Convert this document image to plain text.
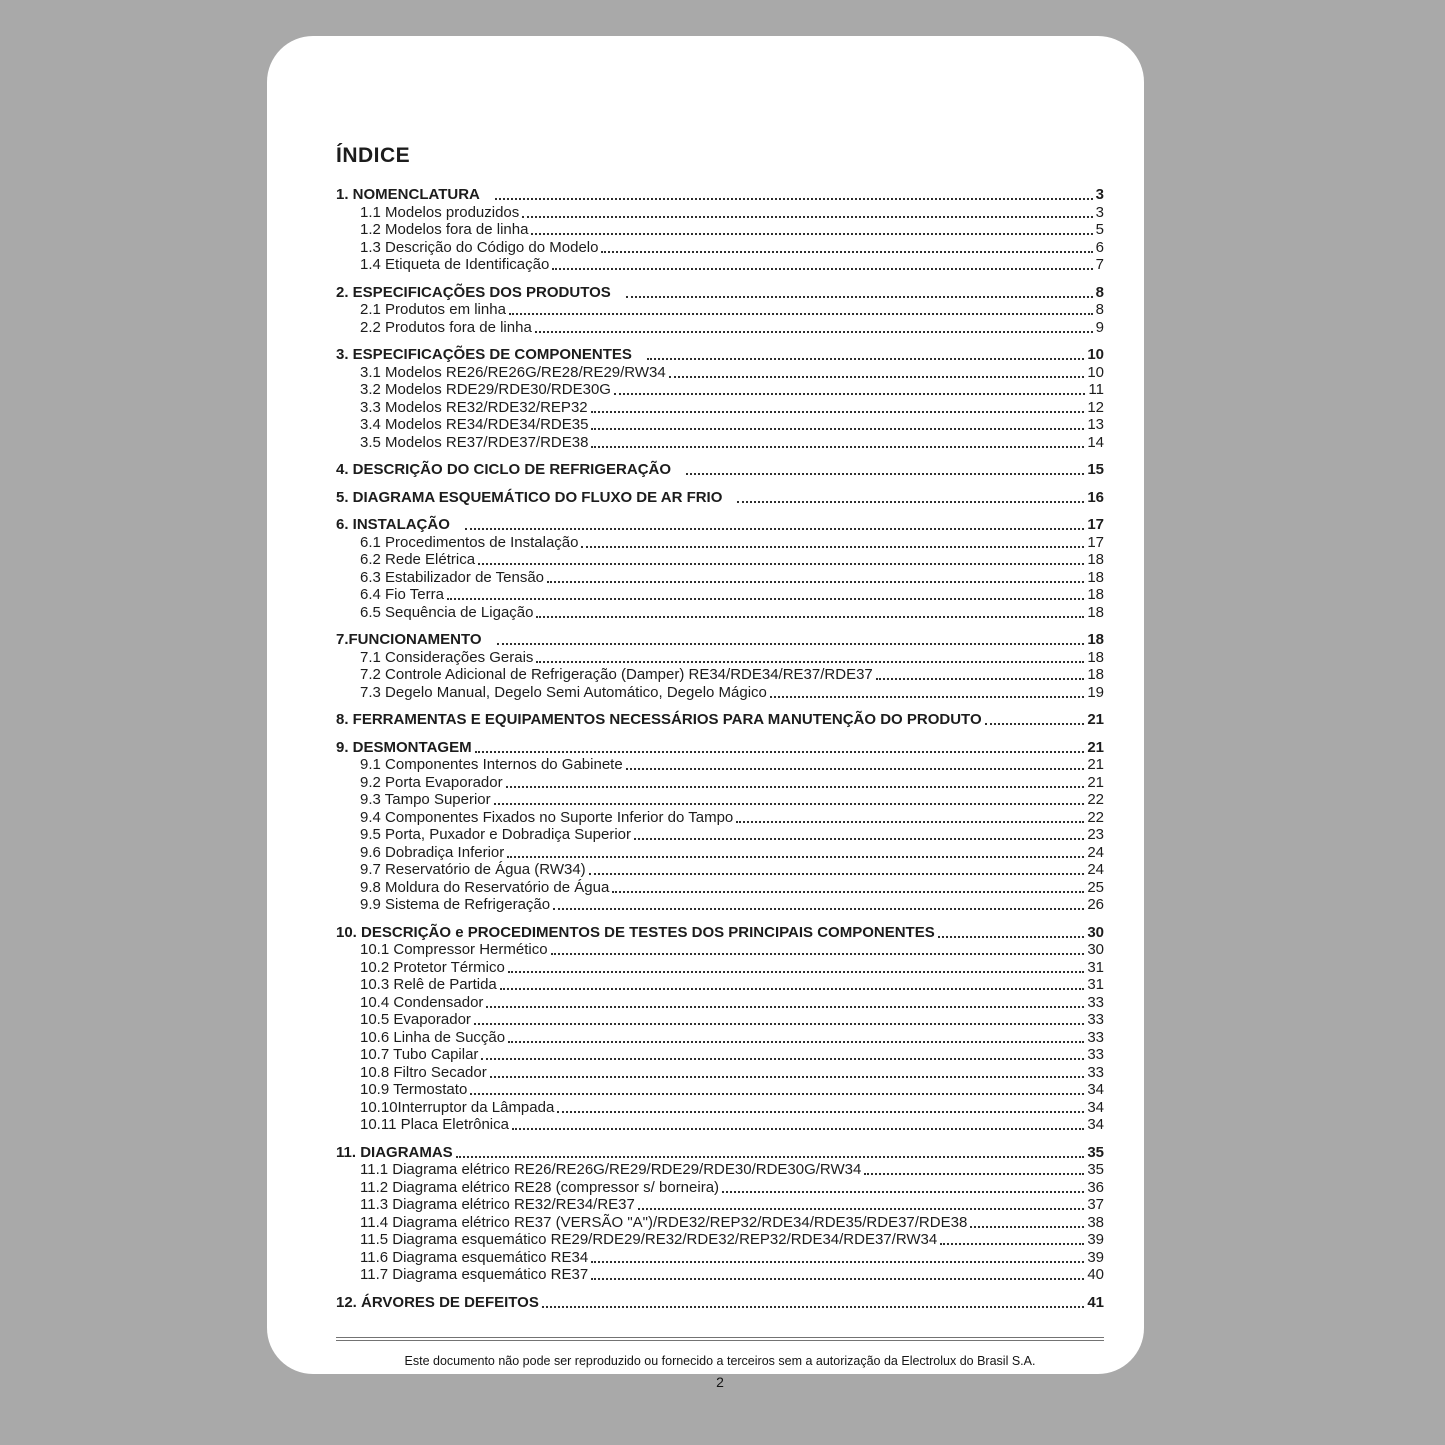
ÍNDICE
1. NOMENCLATURA	3
1.1 Modelos produzidos	3
1.2 Modelos fora de linha	5
1.3 Descrição do Código do Modelo	6
1.4 Etiqueta de Identificação	7
2. ESPECIFICAÇÕES DOS PRODUTOS	8
2.1 Produtos em linha	8
2.2 Produtos fora de linha	9
3. ESPECIFICAÇÕES DE COMPONENTES	10
3.1 Modelos RE26/RE26G/RE28/RE29/RW34	10
3.2 Modelos RDE29/RDE30/RDE30G	11
3.3 Modelos RE32/RDE32/REP32	12
3.4 Modelos RE34/RDE34/RDE35	13
3.5 Modelos RE37/RDE37/RDE38	14
4. DESCRIÇÃO DO CICLO DE REFRIGERAÇÃO	15
5. DIAGRAMA ESQUEMÁTICO DO FLUXO DE AR FRIO	16
6. INSTALAÇÃO	17
6.1 Procedimentos de Instalação	17
6.2 Rede Elétrica	18
6.3 Estabilizador de Tensão	18
6.4 Fio Terra	18
6.5 Sequência de Ligação	18
7.FUNCIONAMENTO	18
7.1 Considerações Gerais	18
7.2 Controle Adicional de Refrigeração (Damper) RE34/RDE34/RE37/RDE37	18
7.3 Degelo Manual, Degelo Semi Automático, Degelo Mágico	19
8. FERRAMENTAS E EQUIPAMENTOS NECESSÁRIOS PARA MANUTENÇÃO DO PRODUTO	21
9. DESMONTAGEM	21
9.1 Componentes Internos do Gabinete	21
9.2 Porta Evaporador	21
9.3 Tampo Superior	22
9.4 Componentes Fixados no Suporte Inferior do Tampo	22
9.5 Porta, Puxador e Dobradiça Superior	23
9.6 Dobradiça Inferior	24
9.7 Reservatório de Água (RW34)	24
9.8 Moldura do Reservatório de Água	25
9.9 Sistema de Refrigeração	26
10. DESCRIÇÃO e PROCEDIMENTOS DE TESTES DOS PRINCIPAIS COMPONENTES	30
10.1 Compressor Hermético	30
10.2 Protetor Térmico	31
10.3 Relê de Partida	31
10.4 Condensador	33
10.5 Evaporador	33
10.6 Linha de Sucção	33
10.7 Tubo Capilar	33
10.8 Filtro Secador	33
10.9 Termostato	34
10.10Interruptor da Lâmpada	34
10.11 Placa Eletrônica	34
11. DIAGRAMAS	35
11.1 Diagrama elétrico RE26/RE26G/RE29/RDE29/RDE30/RDE30G/RW34	35
11.2 Diagrama elétrico RE28 (compressor s/ borneira)	36
11.3 Diagrama elétrico RE32/RE34/RE37	37
11.4 Diagrama elétrico RE37 (VERSÃO "A")/RDE32/REP32/RDE34/RDE35/RDE37/RDE38	38
11.5 Diagrama esquemático RE29/RDE29/RE32/RDE32/REP32/RDE34/RDE37/RW34	39
11.6 Diagrama esquemático RE34	39
11.7 Diagrama esquemático RE37	40
12. ÁRVORES DE DEFEITOS	41
Este documento não pode ser reproduzido ou fornecido a terceiros sem a autorização da Electrolux do Brasil S.A.
2
